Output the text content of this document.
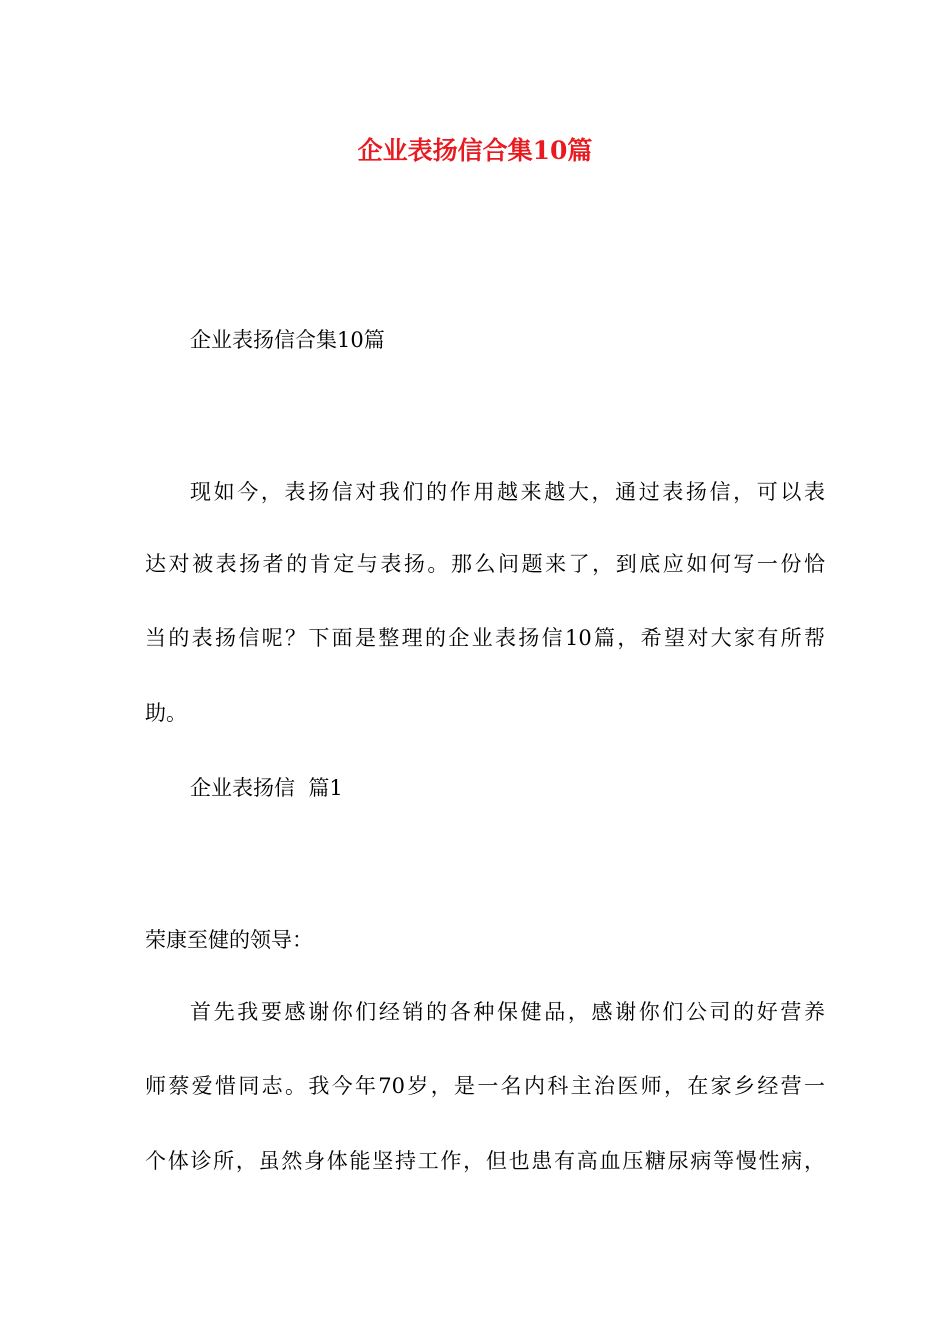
企业表扬信合集10篇
企业表扬信合集10篇
现如今，表扬信对我们的作用越来越大，通过表扬信，可以表
达对被表扬者的肯定与表扬。那么问题来了，到底应如何写一份恰
当的表扬信呢？下面是整理的企业表扬信10篇，希望对大家有所帮
助。
企业表扬信  篇1
荣康至健的领导：
首先我要感谢你们经销的各种保健品，感谢你们公司的好营养
师蔡爱惜同志。我今年70岁，是一名内科主治医师，在家乡经营一
个体诊所，虽然身体能坚持工作，但也患有高血压糖尿病等慢性病，
